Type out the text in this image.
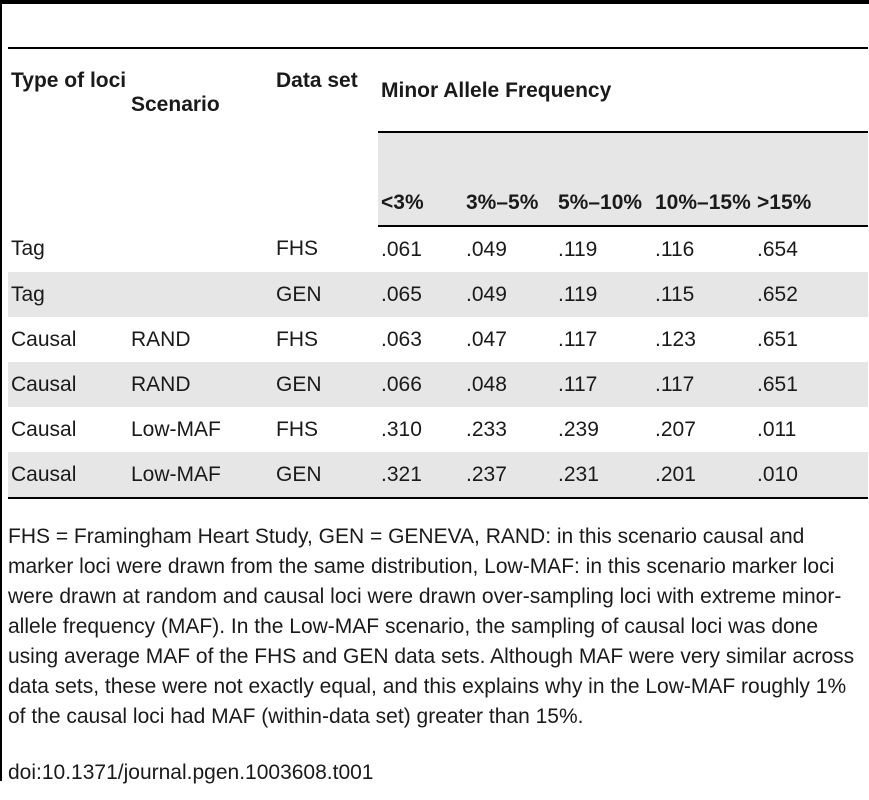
Type of loci	Scenario	Data set	Minor Allele Frequency				
			<3%	3%–5%	5%–10%	10%–15%	>15%
Tag		FHS	.061	.049	.119	.116	.654
Tag		GEN	.065	.049	.119	.115	.652
Causal	RAND	FHS	.063	.047	.117	.123	.651
Causal	RAND	GEN	.066	.048	.117	.117	.651
Causal	Low-MAF	FHS	.310	.233	.239	.207	.011
Causal	Low-MAF	GEN	.321	.237	.231	.201	.010
FHS = Framingham Heart Study, GEN = GENEVA, RAND: in this scenario causal and marker loci were drawn from the same distribution, Low-MAF: in this scenario marker loci were drawn at random and causal loci were drawn over-sampling loci with extreme minor-allele frequency (MAF). In the Low-MAF scenario, the sampling of causal loci was done using average MAF of the FHS and GEN data sets. Although MAF were very similar across data sets, these were not exactly equal, and this explains why in the Low-MAF roughly 1% of the causal loci had MAF (within-data set) greater than 15%.
doi:10.1371/journal.pgen.1003608.t001
